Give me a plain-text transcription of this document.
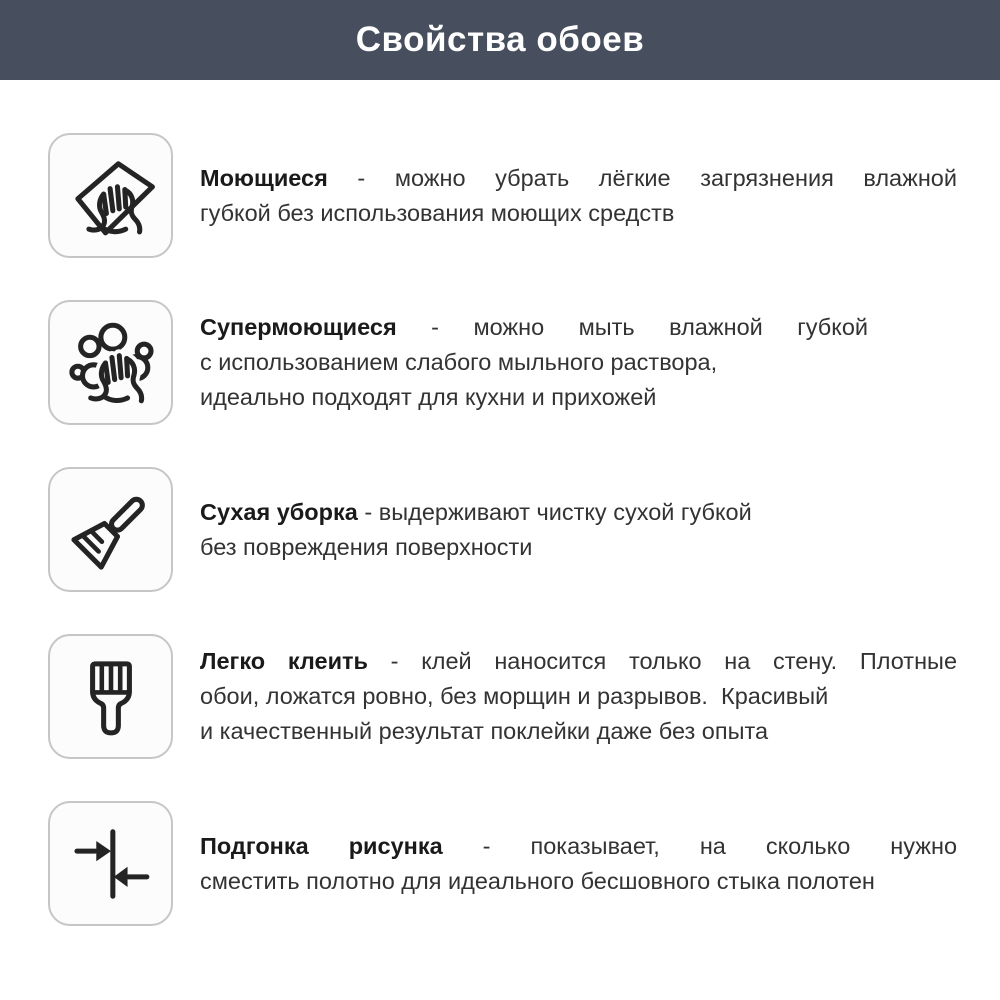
Свойства обоев

Моющиеся - можно убрать лёгкие загрязнения влажной
губкой без использования моющих средств

Супермоющиеся - можно мыть влажной губкой
с использованием слабого мыльного раствора,
идеально подходят для кухни и прихожей

Сухая уборка - выдерживают чистку сухой губкой
без повреждения поверхности

Легко клеить - клей наносится только на стену. Плотные
обои, ложатся ровно, без морщин и разрывов.  Красивый
и качественный результат поклейки даже без опыта

Подгонка рисунка - показывает, на сколько нужно
сместить полотно для идеального бесшовного стыка полотен
